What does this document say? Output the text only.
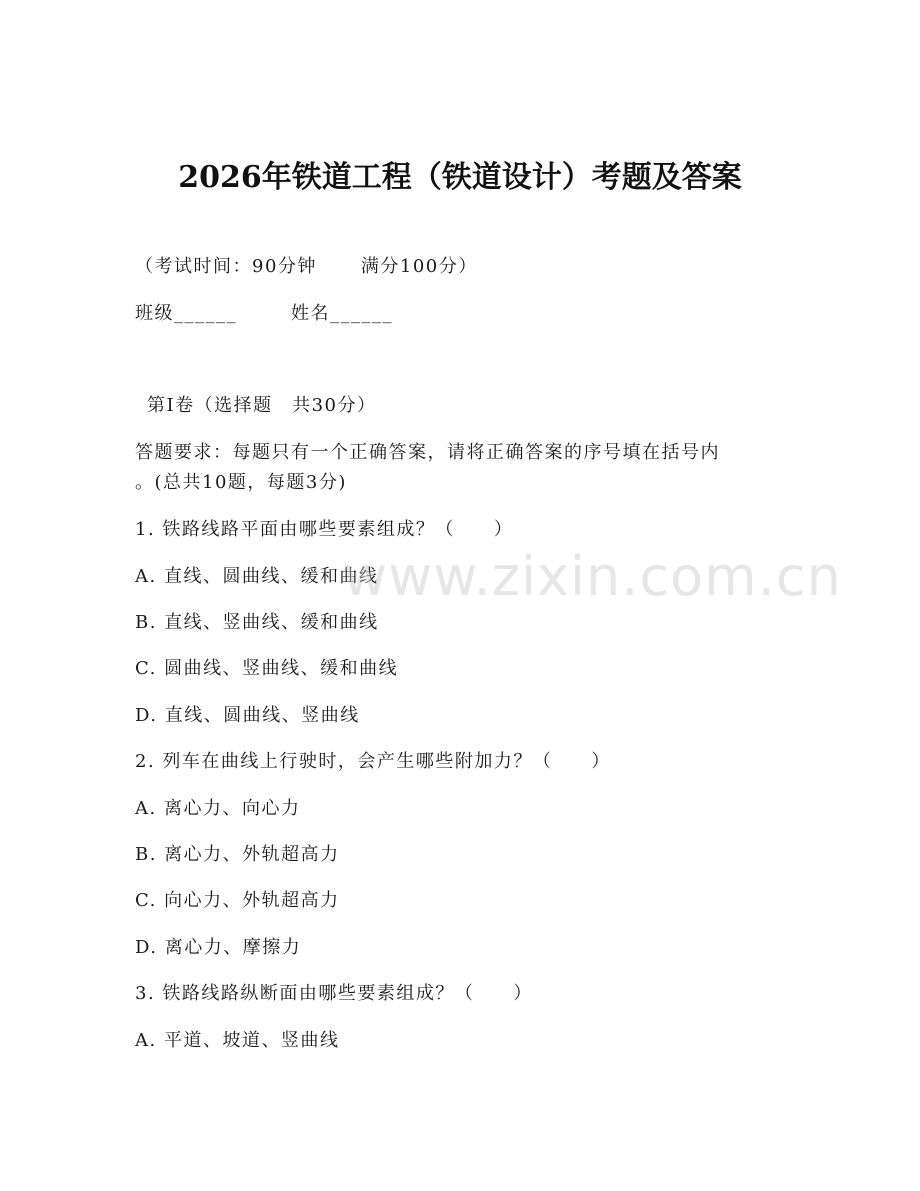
2026年铁道工程（铁道设计）考题及答案
（考试时间：90分钟 满分100分）
班级______	姓名______
第I卷（选择题　共30分）
答题要求：每题只有一个正确答案，请将正确答案的序号填在括号内
。(总共10题，每题3分)
1. 铁路线路平面由哪些要素组成？（　　）
A. 直线、圆曲线、缓和曲线
B. 直线、竖曲线、缓和曲线
C. 圆曲线、竖曲线、缓和曲线
D. 直线、圆曲线、竖曲线
2. 列车在曲线上行驶时，会产生哪些附加力？（　　）
A. 离心力、向心力
B. 离心力、外轨超高力
C. 向心力、外轨超高力
D. 离心力、摩擦力
3. 铁路线路纵断面由哪些要素组成？（　　）
A. 平道、坡道、竖曲线
www.zixin.com.cn
